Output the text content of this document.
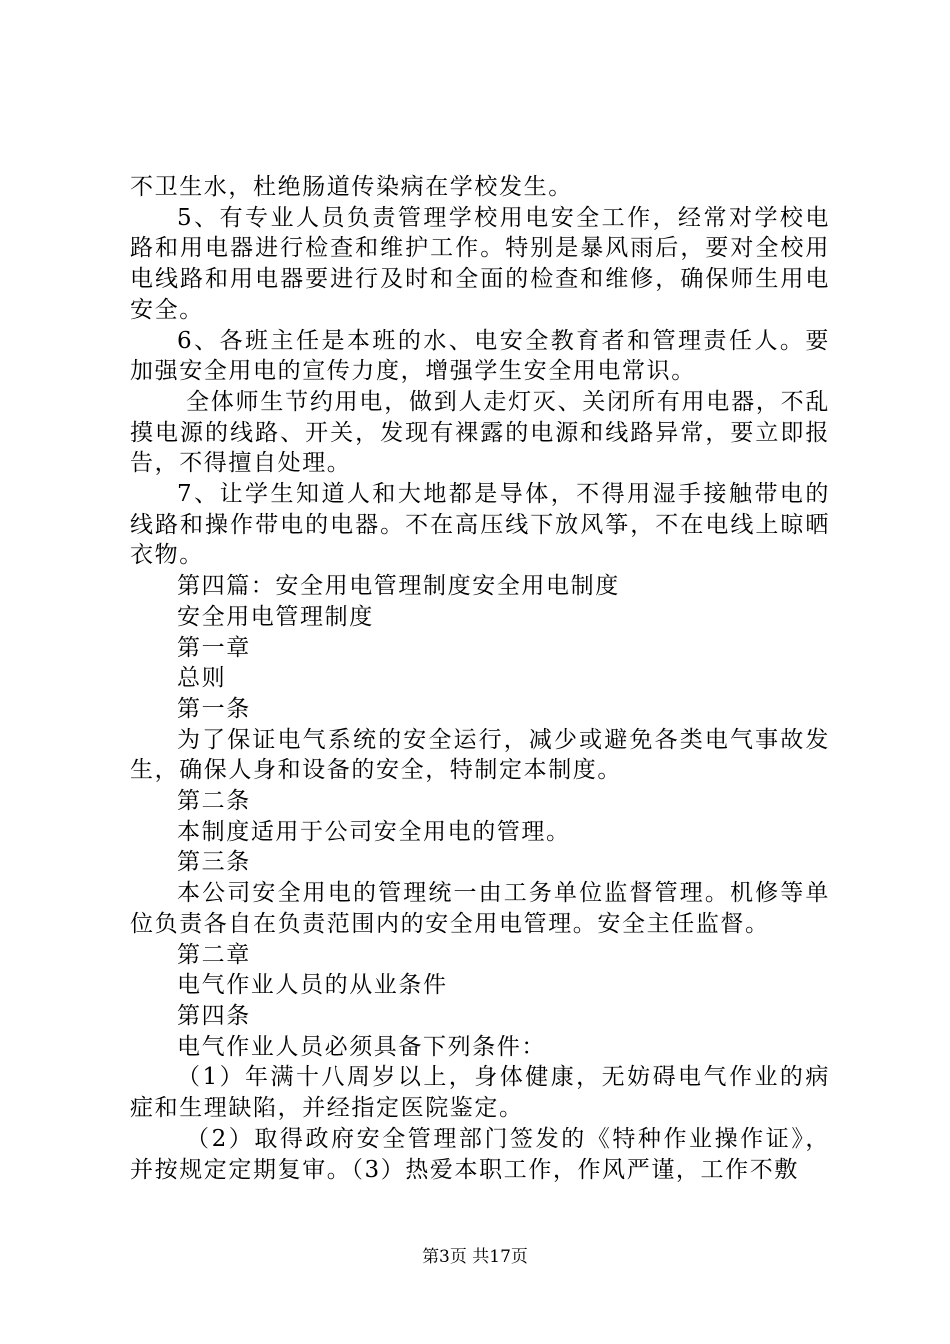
不卫生水，杜绝肠道传染病在学校发生。

5、有专业人员负责管理学校用电安全工作，经常对学校电路和用电器进行检查和维护工作。特别是暴风雨后，要对全校用电线路和用电器要进行及时和全面的检查和维修，确保师生用电安全。

6、各班主任是本班的水、电安全教育者和管理责任人。要加强安全用电的宣传力度，增强学生安全用电常识。

全体师生节约用电，做到人走灯灭、关闭所有用电器，不乱摸电源的线路、开关，发现有裸露的电源和线路异常，要立即报告，不得擅自处理。

7、让学生知道人和大地都是导体，不得用湿手接触带电的线路和操作带电的电器。不在高压线下放风筝，不在电线上晾晒衣物。

第四篇：安全用电管理制度安全用电制度

安全用电管理制度

第一章

总则

第一条

为了保证电气系统的安全运行，减少或避免各类电气事故发生，确保人身和设备的安全，特制定本制度。

第二条

本制度适用于公司安全用电的管理。

第三条

本公司安全用电的管理统一由工务单位监督管理。机修等单位负责各自在负责范围内的安全用电管理。安全主任监督。

第二章

电气作业人员的从业条件

第四条

电气作业人员必须具备下列条件：

（1）年满十八周岁以上，身体健康，无妨碍电气作业的病症和生理缺陷，并经指定医院鉴定。

（2）取得政府安全管理部门签发的《特种作业操作证》，并按规定定期复审。（3）热爱本职工作，作风严谨，工作不敷

第3页 共17页
